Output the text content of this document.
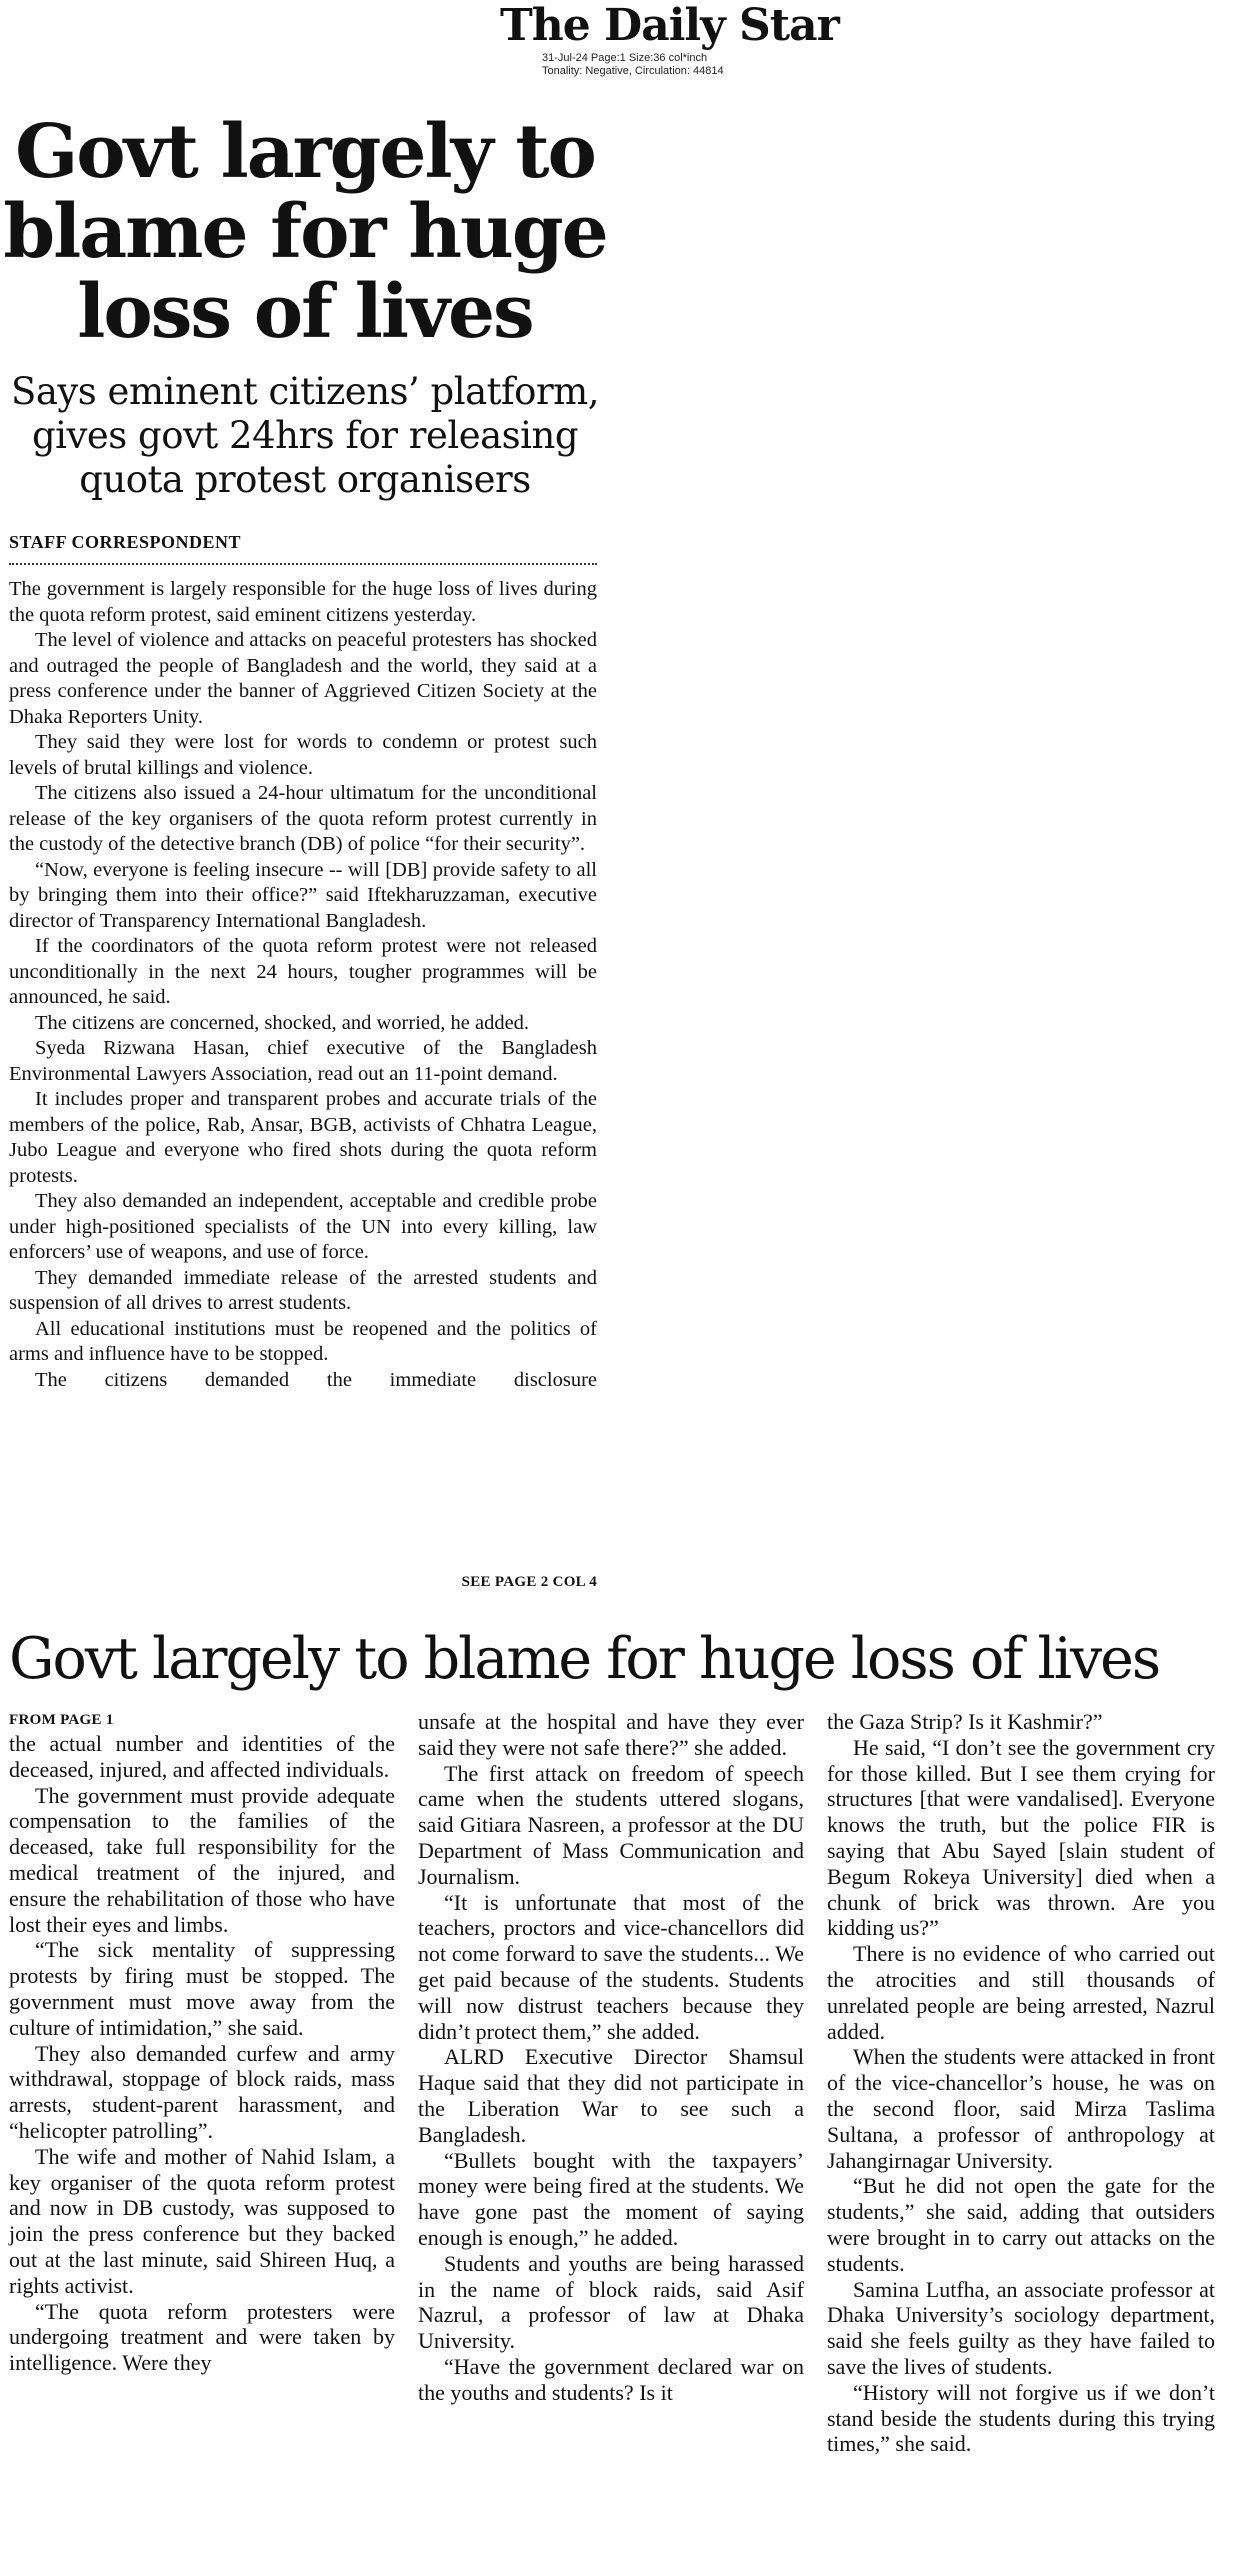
The Daily Star
31-Jul-24 Page:1 Size:36 col*inch
Tonality: Negative, Circulation: 44814
Govt largely to blame for huge loss of lives
Says eminent citizens’ platform, gives govt 24hrs for releasing quota protest organisers
STAFF CORRESPONDENT

The government is largely responsible for the huge loss of lives during the quota reform protest, said eminent citizens yesterday.

The level of violence and attacks on peaceful protesters has shocked and outraged the people of Bangladesh and the world, they said at a press conference under the banner of Aggrieved Citizen Society at the Dhaka Reporters Unity.

They said they were lost for words to condemn or protest such levels of brutal killings and violence.

The citizens also issued a 24-hour ultimatum for the unconditional release of the key organisers of the quota reform protest currently in the custody of the detective branch (DB) of police “for their security”.

“Now, everyone is feeling insecure -- will [DB] provide safety to all by bringing them into their office?” said Iftekharuzzaman, executive director of Transparency International Bangladesh.

If the coordinators of the quota reform protest were not released unconditionally in the next 24 hours, tougher programmes will be announced, he said.

The citizens are concerned, shocked, and worried, he added.

Syeda Rizwana Hasan, chief executive of the Bangladesh Environmental Lawyers Association, read out an 11-point demand.

It includes proper and transparent probes and accurate trials of the members of the police, Rab, Ansar, BGB, activists of Chhatra League, Jubo League and everyone who fired shots during the quota reform protests.

They also demanded an independent, acceptable and credible probe under high-positioned specialists of the UN into every killing, law enforcers’ use of weapons, and use of force.

They demanded immediate release of the arrested students and suspension of all drives to arrest students.

All educational institutions must be reopened and the politics of arms and influence have to be stopped.

The citizens demanded the immediate disclosure

SEE PAGE 2 COL 4
Govt largely to blame for huge loss of lives
FROM PAGE 1

the actual number and identities of the deceased, injured, and affected individuals.

The government must provide adequate compensation to the families of the deceased, take full responsibility for the medical treatment of the injured, and ensure the rehabilitation of those who have lost their eyes and limbs.

“The sick mentality of suppressing protests by firing must be stopped. The government must move away from the culture of intimidation,” she said.

They also demanded curfew and army withdrawal, stoppage of block raids, mass arrests, student-parent harassment, and “helicopter patrolling”.

The wife and mother of Nahid Islam, a key organiser of the quota reform protest and now in DB custody, was supposed to join the press conference but they backed out at the last minute, said Shireen Huq, a rights activist.

“The quota reform protesters were undergoing treatment and were taken by intelligence. Were they

unsafe at the hospital and have they ever said they were not safe there?” she added.

The first attack on freedom of speech came when the students uttered slogans, said Gitiara Nasreen, a professor at the DU Department of Mass Communication and Journalism.

“It is unfortunate that most of the teachers, proctors and vice-chancellors did not come forward to save the students... We get paid because of the students. Students will now distrust teachers because they didn’t protect them,” she added.

ALRD Executive Director Shamsul Haque said that they did not participate in the Liberation War to see such a Bangladesh.

“Bullets bought with the taxpayers’ money were being fired at the students. We have gone past the moment of saying enough is enough,” he added.

Students and youths are being harassed in the name of block raids, said Asif Nazrul, a professor of law at Dhaka University.

“Have the government declared war on the youths and students? Is it

the Gaza Strip? Is it Kashmir?”

He said, “I don’t see the government cry for those killed. But I see them crying for structures [that were vandalised]. Everyone knows the truth, but the police FIR is saying that Abu Sayed [slain student of Begum Rokeya University] died when a chunk of brick was thrown. Are you kidding us?”

There is no evidence of who carried out the atrocities and still thousands of unrelated people are being arrested, Nazrul added.

When the students were attacked in front of the vice-chancellor’s house, he was on the second floor, said Mirza Taslima Sultana, a professor of anthropology at Jahangirnagar University.

“But he did not open the gate for the students,” she said, adding that outsiders were brought in to carry out attacks on the students.

Samina Lutfha, an associate professor at Dhaka University’s sociology department, said she feels guilty as they have failed to save the lives of students.

“History will not forgive us if we don’t stand beside the students during this trying times,” she said.
